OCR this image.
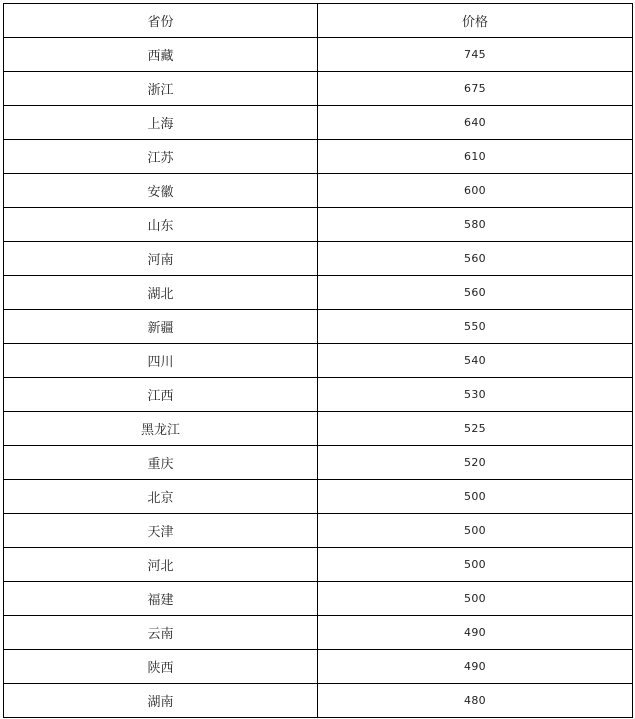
省份	价格
西藏	745
浙江	675
上海	640
江苏	610
安徽	600
山东	580
河南	560
湖北	560
新疆	550
四川	540
江西	530
黑龙江	525
重庆	520
北京	500
天津	500
河北	500
福建	500
云南	490
陕西	490
湖南	480
